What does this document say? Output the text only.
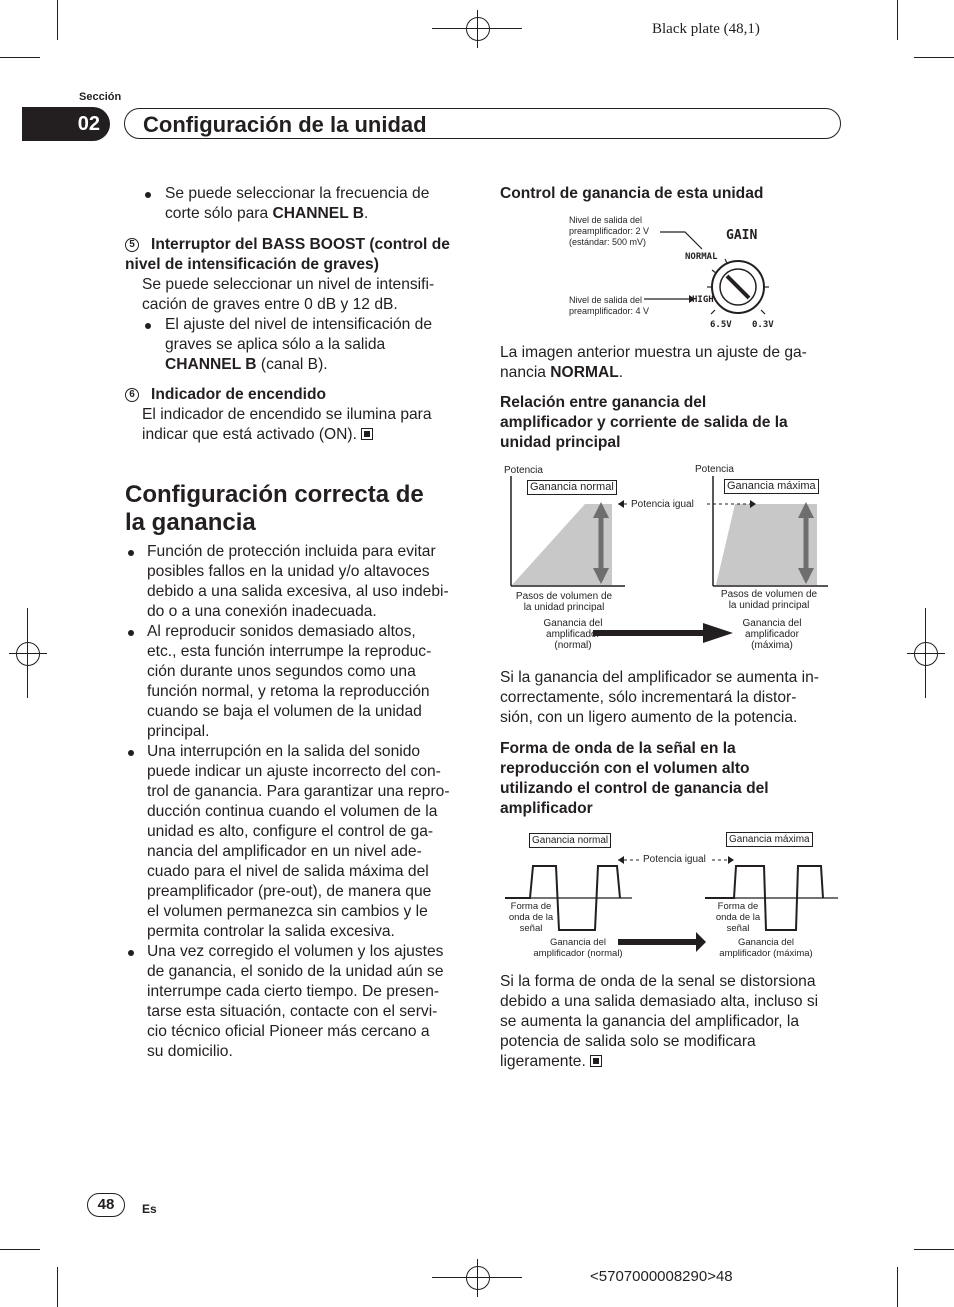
Black plate (48,1)
Sección
02	Configuración de la unidad
Se puede seleccionar la frecuencia de
corte sólo para CHANNEL B.
5 Interruptor del BASS BOOST (control de
nivel de intensificación de graves)
Se puede seleccionar un nivel de intensifi-
cación de graves entre 0 dB y 12 dB.
El ajuste del nivel de intensificación de
graves se aplica sólo a la salida
CHANNEL B (canal B).
6 Indicador de encendido
El indicador de encendido se ilumina para
indicar que está activado (ON).
Configuración correcta de
la ganancia
Función de protección incluida para evitar
posibles fallos en la unidad y/o altavoces
debido a una salida excesiva, al uso indebi-
do o a una conexión inadecuada.
Al reproducir sonidos demasiado altos,
etc., esta función interrumpe la reproduc-
ción durante unos segundos como una
función normal, y retoma la reproducción
cuando se baja el volumen de la unidad
principal.
Una interrupción en la salida del sonido
puede indicar un ajuste incorrecto del con-
trol de ganancia. Para garantizar una repro-
ducción continua cuando el volumen de la
unidad es alto, configure el control de ga-
nancia del amplificador en un nivel ade-
cuado para el nivel de salida máxima del
preamplificador (pre-out), de manera que
el volumen permanezca sin cambios y le
permita controlar la salida excesiva.
Una vez corregido el volumen y los ajustes
de ganancia, el sonido de la unidad aún se
interrumpe cada cierto tiempo. De presen-
tarse esta situación, contacte con el servi-
cio técnico oficial Pioneer más cercano a
su domicilio.
Control de ganancia de esta unidad
Nivel de salida del
preamplificador: 2 V
(estándar: 500 mV)
Nivel de salida del
preamplificador: 4 V
GAIN
NORMAL
HIGH
6.5V 0.3V
La imagen anterior muestra un ajuste de ga-
nancia NORMAL.
Relación entre ganancia del
amplificador y corriente de salida de la
unidad principal
Potencia	Potencia
Ganancia normal	Ganancia máxima
Potencia igual
Pasos de volumen de
la unidad principal
Pasos de volumen de
la unidad principal
Ganancia del
amplificador
(normal)
Ganancia del
amplificador
(máxima)
Si la ganancia del amplificador se aumenta in-
correctamente, sólo incrementará la distor-
sión, con un ligero aumento de la potencia.
Forma de onda de la señal en la
reproducción con el volumen alto
utilizando el control de ganancia del
amplificador
Ganancia normal	Ganancia máxima
Potencia igual
Forma de
onda de la
señal
Forma de
onda de la
señal
Ganancia del
amplificador (normal)
Ganancia del
amplificador (máxima)
Si la forma de onda de la senal se distorsiona
debido a una salida demasiado alta, incluso si
se aumenta la ganancia del amplificador, la
potencia de salida solo se modificara
ligeramente.
48	Es
<5707000008290>48
